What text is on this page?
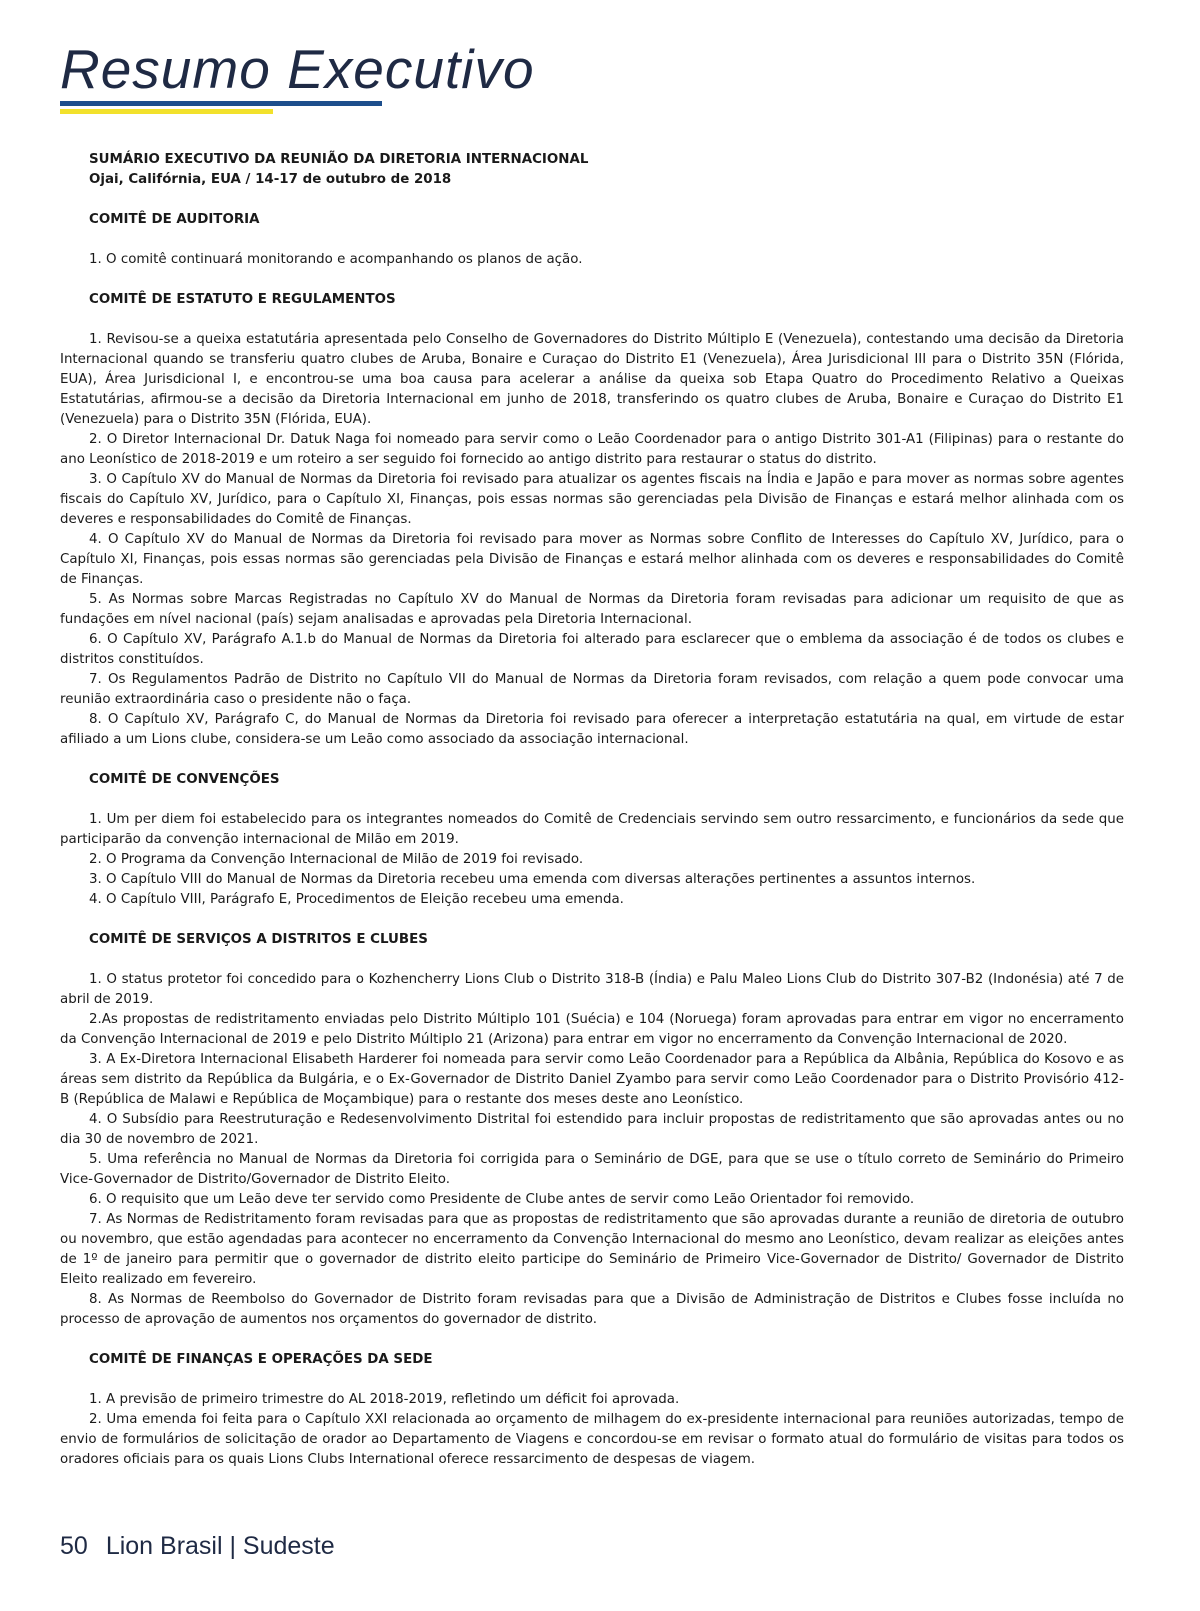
Resumo Executivo
SUMÁRIO EXECUTIVO DA REUNIÃO DA DIRETORIA INTERNACIONAL
Ojai, Califórnia, EUA / 14-17 de outubro de 2018
COMITÊ DE AUDITORIA

1. O comitê continuará monitorando e acompanhando os planos de ação.

COMITÊ DE ESTATUTO E REGULAMENTOS

1. Revisou-se a queixa estatutária apresentada pelo Conselho de Governadores do Distrito Múltiplo E (Venezuela), contestando uma decisão da Diretoria Internacional quando se transferiu quatro clubes de Aruba, Bonaire e Curaçao do Distrito E1 (Venezuela), Área Jurisdicional III para o Distrito 35N (Flórida, EUA), Área Jurisdicional I, e encontrou-se uma boa causa para acelerar a análise da queixa sob Etapa Quatro do Procedimento Relativo a Queixas Estatutárias, afirmou-se a decisão da Diretoria Internacional em junho de 2018, transferindo os quatro clubes de Aruba, Bonaire e Curaçao do Distrito E1 (Venezuela) para o Distrito 35N (Flórida, EUA).

2. O Diretor Internacional Dr. Datuk Naga foi nomeado para servir como o Leão Coordenador para o antigo Distrito 301-A1 (Filipinas) para o restante do ano Leonístico de 2018-2019 e um roteiro a ser seguido foi fornecido ao antigo distrito para restaurar o status do distrito.

3. O Capítulo XV do Manual de Normas da Diretoria foi revisado para atualizar os agentes fiscais na Índia e Japão e para mover as normas sobre agentes fiscais do Capítulo XV, Jurídico, para o Capítulo XI, Finanças, pois essas normas são gerenciadas pela Divisão de Finanças e estará melhor alinhada com os deveres e responsabilidades do Comitê de Finanças.

4. O Capítulo XV do Manual de Normas da Diretoria foi revisado para mover as Normas sobre Conflito de Interesses do Capítulo XV, Jurídico, para o Capítulo XI, Finanças, pois essas normas são gerenciadas pela Divisão de Finanças e estará melhor alinhada com os deveres e responsabilidades do Comitê de Finanças.

5. As Normas sobre Marcas Registradas no Capítulo XV do Manual de Normas da Diretoria foram revisadas para adicionar um requisito de que as fundações em nível nacional (país) sejam analisadas e aprovadas pela Diretoria Internacional.

6. O Capítulo XV, Parágrafo A.1.b do Manual de Normas da Diretoria foi alterado para esclarecer que o emblema da associação é de todos os clubes e distritos constituídos.

7. Os Regulamentos Padrão de Distrito no Capítulo VII do Manual de Normas da Diretoria foram revisados, com relação a quem pode convocar uma reunião extraordinária caso o presidente não o faça.

8. O Capítulo XV, Parágrafo C, do Manual de Normas da Diretoria foi revisado para oferecer a interpretação estatutária na qual, em virtude de estar afiliado a um Lions clube, considera-se um Leão como associado da associação internacional.

COMITÊ DE CONVENÇÕES

1. Um per diem foi estabelecido para os integrantes nomeados do Comitê de Credenciais servindo sem outro ressarcimento, e funcionários da sede que participarão da convenção internacional de Milão em 2019.

2. O Programa da Convenção Internacional de Milão de 2019 foi revisado.

3. O Capítulo VIII do Manual de Normas da Diretoria recebeu uma emenda com diversas alterações pertinentes a assuntos internos.

4. O Capítulo VIII, Parágrafo E, Procedimentos de Eleição recebeu uma emenda.

COMITÊ DE SERVIÇOS A DISTRITOS E CLUBES

1. O status protetor foi concedido para o Kozhencherry Lions Club o Distrito 318-B (Índia) e Palu Maleo Lions Club do Distrito 307-B2 (Indonésia) até 7 de abril de 2019.

2.As propostas de redistritamento enviadas pelo Distrito Múltiplo 101 (Suécia) e 104 (Noruega) foram aprovadas para entrar em vigor no encerramento da Convenção Internacional de 2019 e pelo Distrito Múltiplo 21 (Arizona) para entrar em vigor no encerramento da Convenção Internacional de 2020.

3. A Ex-Diretora Internacional Elisabeth Harderer foi nomeada para servir como Leão Coordenador para a República da Albânia, República do Kosovo e as áreas sem distrito da República da Bulgária, e o Ex-Governador de Distrito Daniel Zyambo para servir como Leão Coordenador para o Distrito Provisório 412-B (República de Malawi e República de Moçambique) para o restante dos meses deste ano Leonístico.

4. O Subsídio para Reestruturação e Redesenvolvimento Distrital foi estendido para incluir propostas de redistritamento que são aprovadas antes ou no dia 30 de novembro de 2021.

5. Uma referência no Manual de Normas da Diretoria foi corrigida para o Seminário de DGE, para que se use o título correto de Seminário do Primeiro Vice-Governador de Distrito/Governador de Distrito Eleito.

6. O requisito que um Leão deve ter servido como Presidente de Clube antes de servir como Leão Orientador foi removido.

7. As Normas de Redistritamento foram revisadas para que as propostas de redistritamento que são aprovadas durante a reunião de diretoria de outubro ou novembro, que estão agendadas para acontecer no encerramento da Convenção Internacional do mesmo ano Leonístico, devam realizar as eleições antes de 1º de janeiro para permitir que o governador de distrito eleito participe do Seminário de Primeiro Vice-Governador de Distrito/ Governador de Distrito Eleito realizado em fevereiro.

8. As Normas de Reembolso do Governador de Distrito foram revisadas para que a Divisão de Administração de Distritos e Clubes fosse incluída no processo de aprovação de aumentos nos orçamentos do governador de distrito.

COMITÊ DE FINANÇAS E OPERAÇÕES DA SEDE

1. A previsão de primeiro trimestre do AL 2018-2019, refletindo um déficit foi aprovada.

2. Uma emenda foi feita para o Capítulo XXI relacionada ao orçamento de milhagem do ex-presidente internacional para reuniões autorizadas, tempo de envio de formulários de solicitação de orador ao Departamento de Viagens e concordou-se em revisar o formato atual do formulário de visitas para todos os oradores oficiais para os quais Lions Clubs International oferece ressarcimento de despesas de viagem.

50 Lion Brasil | Sudeste
